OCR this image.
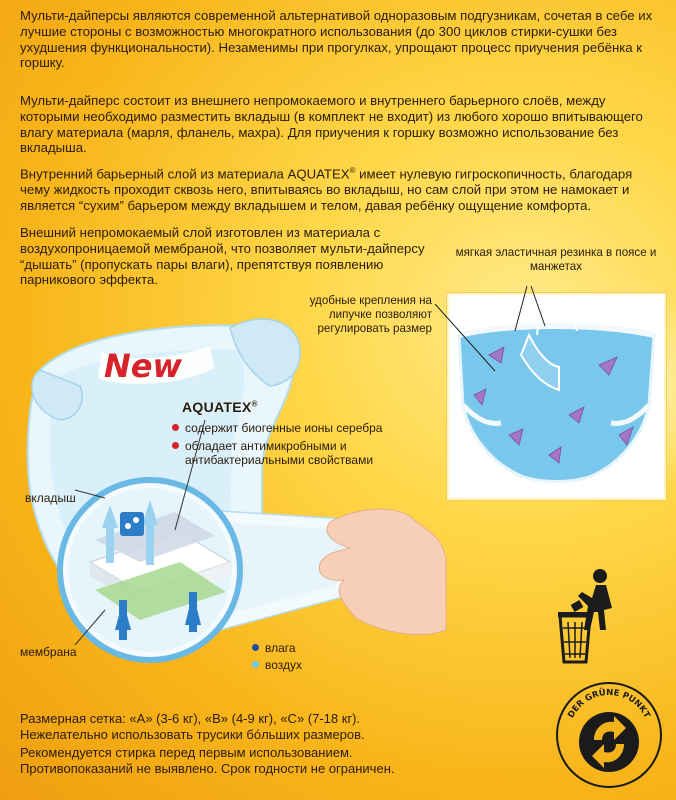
Мульти-дайперсы являются современной альтернативой одноразовым подгузникам, сочетая в себе их лучшие стороны с возможностью многократного использования (до 300 циклов стирки-сушки без ухудшения функциональности). Незаменимы при прогулках, упрощают процесс приучения ребёнка к горшку.

Мульти-дайперс состоит из внешнего непромокаемого и внутреннего барьерного слоёв, между которыми необходимо разместить вкладыш (в комплект не входит) из любого хорошо впитывающего влагу материала (марля, фланель, махра). Для приучения к горшку возможно использование без вкладыша.

Внутренний барьерный слой из материала AQUATEX® имеет нулевую гигроскопичность, благодаря чему жидкость проходит сквозь него, впитываясь во вкладыш, но сам слой при этом не намокает и является “сухим” барьером между вкладышем и телом, давая ребёнку ощущение комфорта.

Внешний непромокаемый слой изготовлен из материала с воздухопроницаемой мембраной, что позволяет мульти-дайперсу “дышать” (пропускать пары влаги), препятствуя появлению парникового эффекта.

New
AQUATEX®
содержит биогенные ионы серебра
обладает антимикробными и антибактериальными свойствами
вкладыш
мембрана	влага
воздух
мягкая эластичная резинка в поясе и манжетах
удобные крепления на липучке позволяют регулировать размер
DER GRÜNE PUNKT
Размерная сетка: «А» (3-6 кг), «В» (4-9 кг), «С» (7-18 кг).
Нежелательно использовать трусики бóльших размеров.
Рекомендуется стирка перед первым использованием.
Противопоказаний не выявлено. Срок годности не ограничен.
